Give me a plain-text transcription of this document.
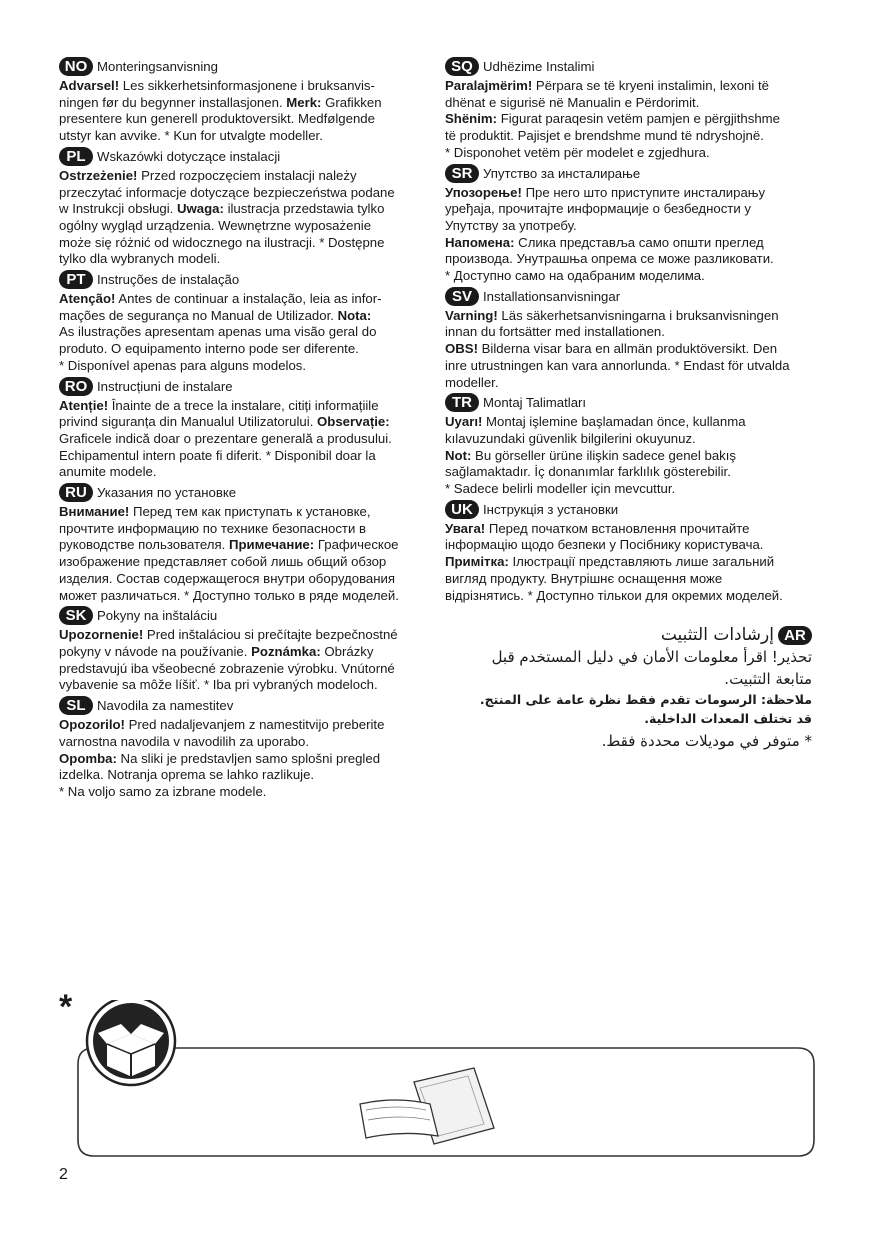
NO Monteringsanvisning

Advarsel! Les sikkerhetsinformasjonene i bruksanvis-

ningen før du begynner installasjonen. Merk: Grafikken

presentere kun generell produktoversikt. Medfølgende

utstyr kan avvike. * Kun for utvalgte modeller.

PL Wskazówki dotyczące instalacji

Ostrzeżenie! Przed rozpoczęciem instalacji należy

przeczytać informacje dotyczące bezpieczeństwa podane

w Instrukcji obsługi. Uwaga: ilustracja przedstawia tylko

ogólny wygląd urządzenia. Wewnętrzne wyposażenie

może się różnić od widocznego na ilustracji. * Dostępne

tylko dla wybranych modeli.

PT Instruções de instalação

Atenção! Antes de continuar a instalação, leia as infor-

mações de segurança no Manual de Utilizador. Nota:

As ilustrações apresentam apenas uma visão geral do

produto. O equipamento interno pode ser diferente.

* Disponível apenas para alguns modelos.

RO Instrucțiuni de instalare

Atenție! Înainte de a trece la instalare, citiți informațiile

privind siguranța din Manualul Utilizatorului. Observație:

Graficele indică doar o prezentare generală a produsului.

Echipamentul intern poate fi diferit. * Disponibil doar la

anumite modele.

RU Указания по установке

Внимание! Перед тем как приступать к установке,

прочтите информацию по технике безопасности в

руководстве пользователя. Примечание: Графическое

изображение представляет собой лишь общий обзор

изделия. Состав содержащегося внутри оборудования

может различаться. * Доступно только в ряде моделей.

SK Pokyny na inštaláciu

Upozornenie! Pred inštaláciou si prečítajte bezpečnostné

pokyny v návode na používanie. Poznámka: Obrázky

predstavujú iba všeobecné zobrazenie výrobku. Vnútorné

vybavenie sa môže líšiť. * Iba pri vybraných modeloch.

SL Navodila za namestitev

Opozorilo! Pred nadaljevanjem z namestitvijo preberite

varnostna navodila v navodilih za uporabo.

Opomba: Na sliki je predstavljen samo splošni pregled

izdelka. Notranja oprema se lahko razlikuje.

* Na voljo samo za izbrane modele.

SQ Udhëzime Instalimi

Paralajmërim! Përpara se të kryeni instalimin, lexoni të

dhënat e sigurisë në Manualin e Përdorimit.

Shënim: Figurat paraqesin vetëm pamjen e përgjithshme

të produktit. Pajisjet e brendshme mund të ndryshojnë.

* Disponohet vetëm për modelet e zgjedhura.

SR Упутство за инсталирање

Упозорење! Пре него што приступите инсталирању

уређаја, прочитајте информације о безбедности у

Упутству за употребу.

Напомена: Слика представља само општи преглед

производа. Унутрашња опрема се може разликовати.

* Доступно само на одабраним моделима.

SV Installationsanvisningar

Varning! Läs säkerhetsanvisningarna i bruksanvisningen

innan du fortsätter med installationen.

OBS! Bilderna visar bara en allmän produktöversikt. Den

inre utrustningen kan vara annorlunda. * Endast för utvalda

modeller.

TR Montaj Talimatları

Uyarı! Montaj işlemine başlamadan önce, kullanma

kılavuzundaki güvenlik bilgilerini okuyunuz.

Not: Bu görseller ürüne ilişkin sadece genel bakış

sağlamaktadır. İç donanımlar farklılık gösterebilir.

* Sadece belirli modeller için mevcuttur.

UK Інструкція з установки

Увага! Перед початком встановлення прочитайте

інформацію щодо безпеки у Посібнику користувача.

Примітка: Ілюстрації представляють лише загальний

вигляд продукту. Внутрішнє оснащення може

відрізнятись. * Доступно тількои для окремих моделей.

AR
إرشادات التثبيت
تحذير! اقرأ معلومات الأمان في دليل المستخدم قبل
متابعة التثبيت.
ملاحظة: الرسومات تقدم فقط نظرة عامة على المنتج.
قد تختلف المعدات الداخلية.
* متوفر في موديلات محددة فقط.
*
2
